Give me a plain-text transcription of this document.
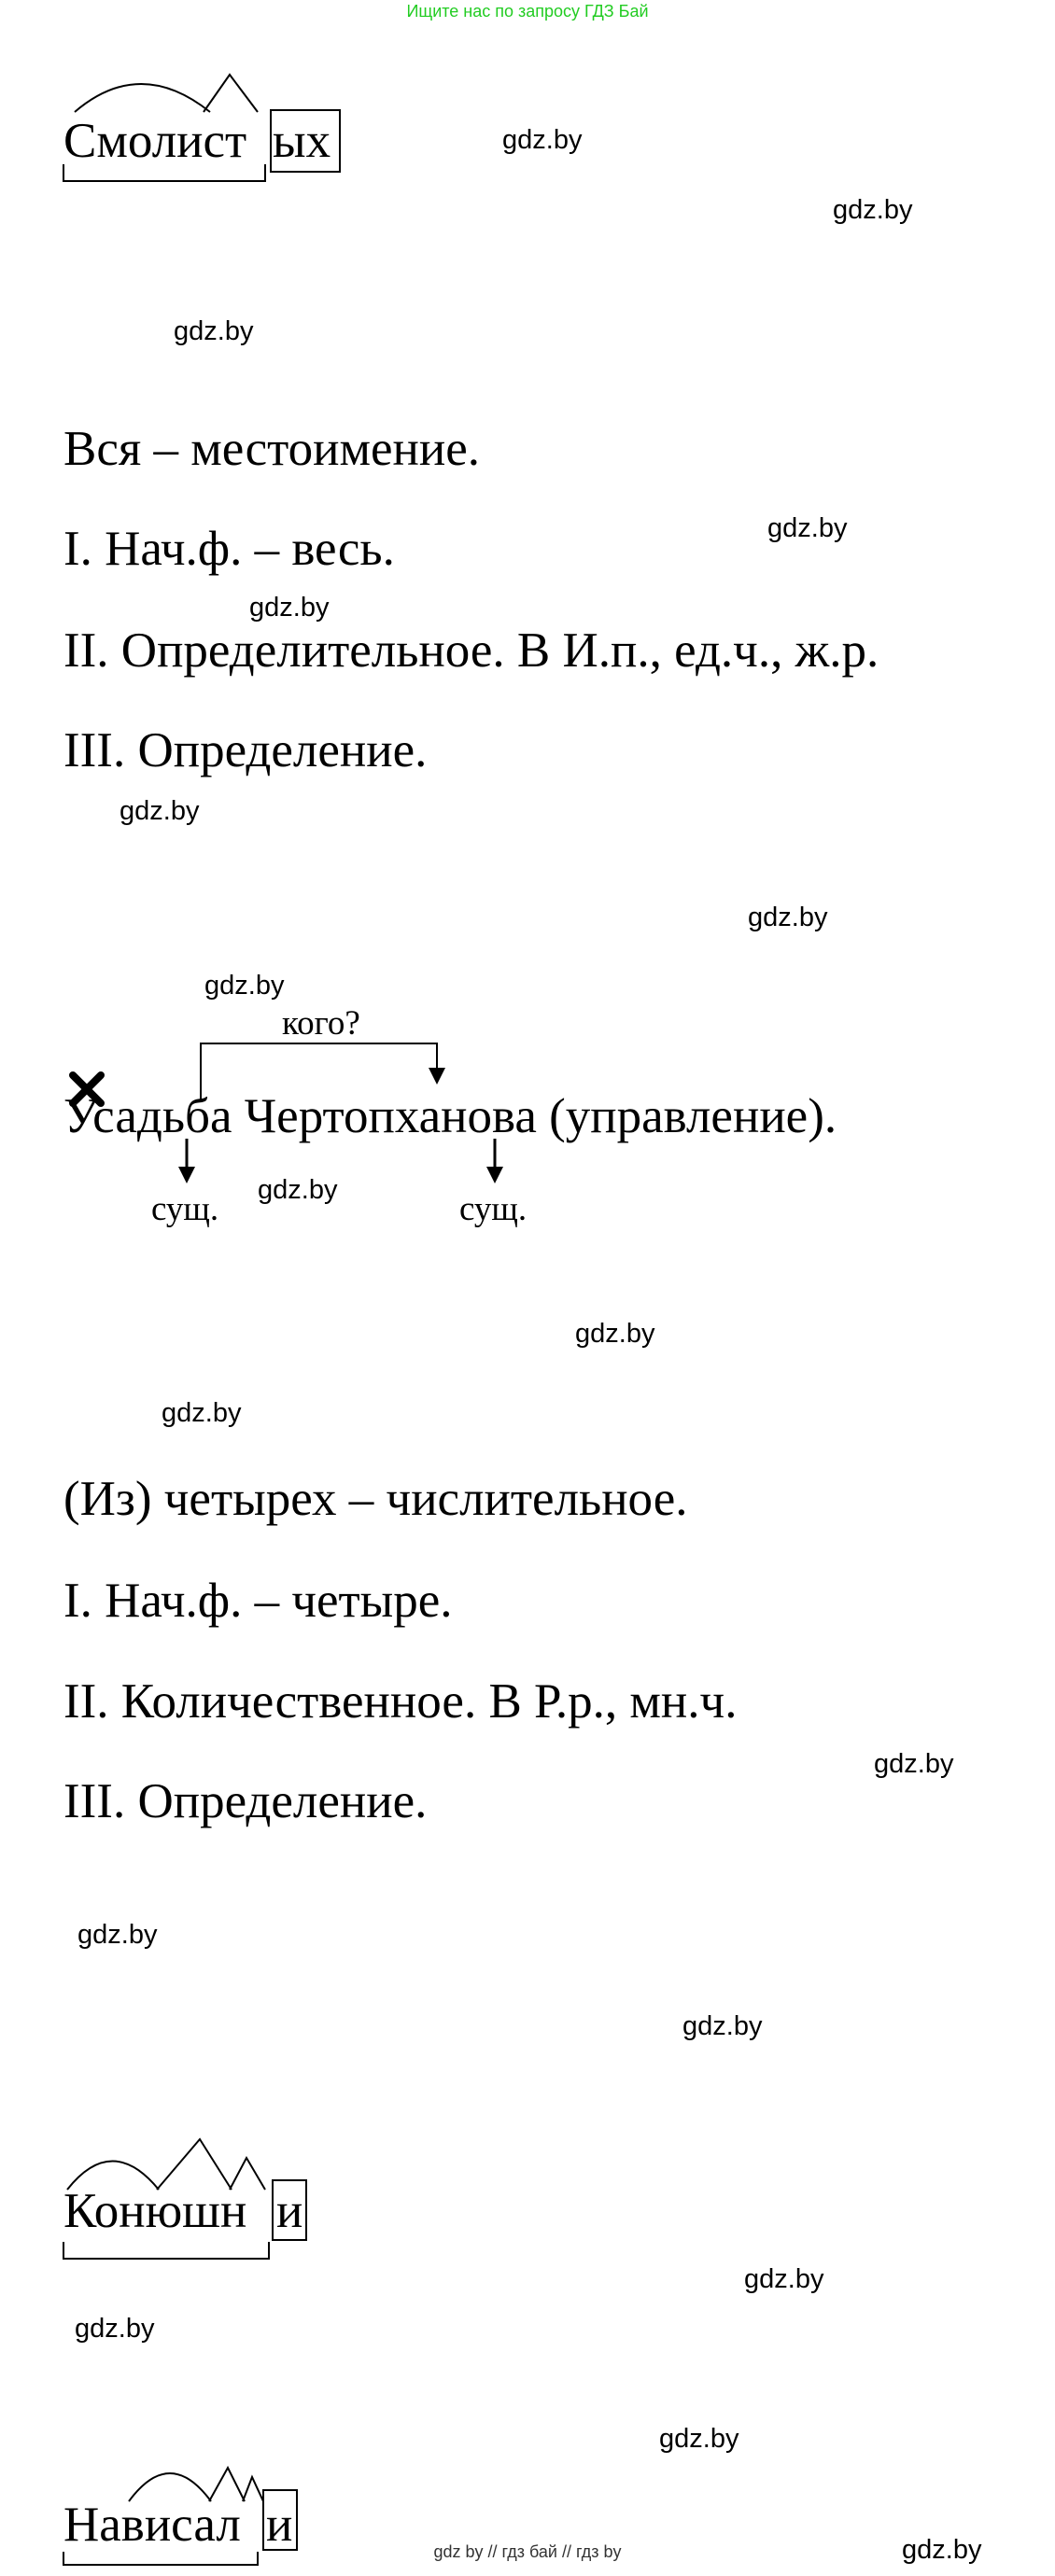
Ищите нас по запросу ГДЗ Бай
Смолист ых
Вся – местоимение.
I. Нач.ф. – весь.
II. Определительное. В И.п., ед.ч., ж.р.
III. Определение.
кого?
Усадьба Чертопханова (управление).
сущ.	сущ.
(Из) четырех – числительное.
I. Нач.ф. – четыре.
II. Количественное. В Р.р., мн.ч.
III. Определение.
Конюшн и
Нависал и
gdz.by
gdz.by
gdz.by
gdz.by
gdz.by
gdz.by
gdz.by
gdz.by
gdz.by
gdz.by
gdz.by
gdz.by
gdz.by
gdz.by
gdz.by
gdz.by
gdz.by
gdz.by
gdz by // гдз бай // гдз by
